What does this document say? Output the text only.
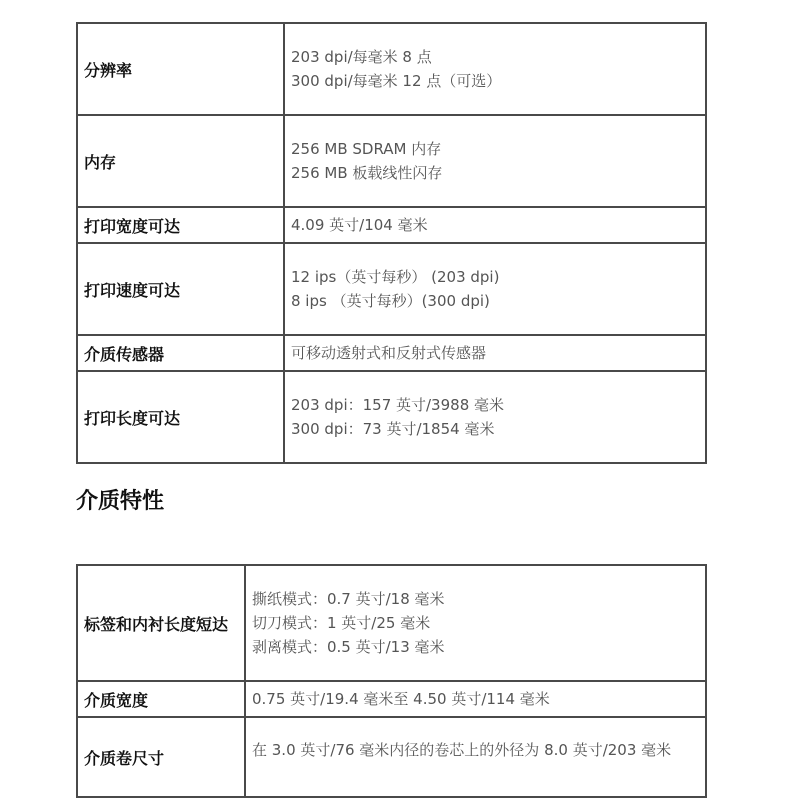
分辨率	203 dpi/每毫米 8 点
300 dpi/每毫米 12 点（可选）

内存	256 MB SDRAM 内存
256 MB 板载线性闪存

打印宽度可达	4.09 英寸/104 毫米

打印速度可达	12 ips（英寸每秒） (203 dpi)
8 ips （英寸每秒）(300 dpi)

介质传感器	可移动透射式和反射式传感器

打印长度可达	203 dpi：157 英寸/3988 毫米
300 dpi：73 英寸/1854 毫米
介质特性
标签和内衬长度短达	撕纸模式：0.7 英寸/18 毫米
切刀模式：1 英寸/25 毫米
剥离模式：0.5 英寸/13 毫米

介质宽度	0.75 英寸/19.4 毫米至 4.50 英寸/114 毫米

介质卷尺寸	在 3.0 英寸/76 毫米内径的卷芯上的外径为 8.0 英寸/203 毫米
